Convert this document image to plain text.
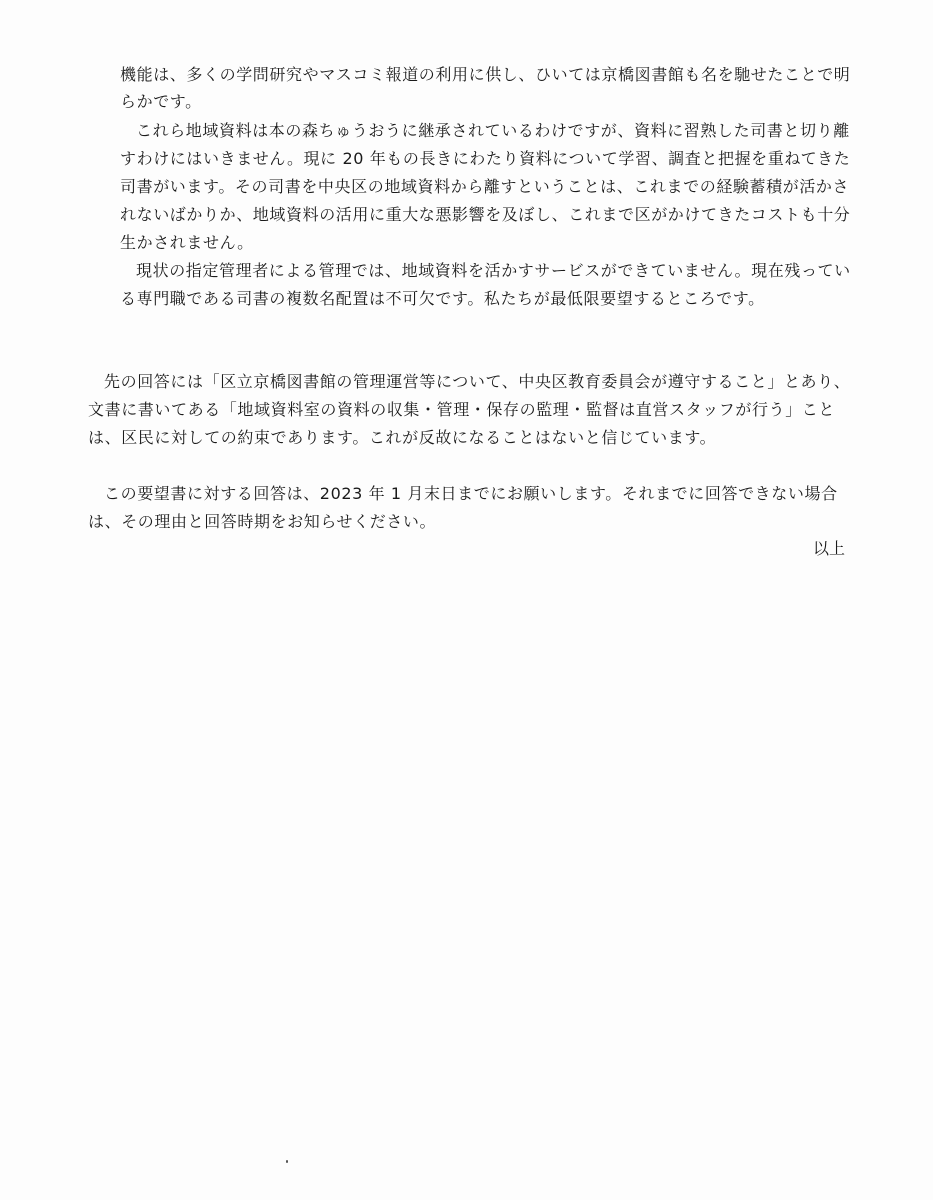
機能は、多くの学問研究やマスコミ報道の利用に供し、ひいては京橋図書館も名を馳せたことで明
らかです。
これら地域資料は本の森ちゅうおうに継承されているわけですが、資料に習熟した司書と切り離
すわけにはいきません。現に 20 年もの長きにわたり資料について学習、調査と把握を重ねてきた
司書がいます。その司書を中央区の地域資料から離すということは、これまでの経験蓄積が活かさ
れないばかりか、地域資料の活用に重大な悪影響を及ぼし、これまで区がかけてきたコストも十分
生かされません。
現状の指定管理者による管理では、地域資料を活かすサービスができていません。現在残ってい
る専門職である司書の複数名配置は不可欠です。私たちが最低限要望するところです。
先の回答には「区立京橋図書館の管理運営等について、中央区教育委員会が遵守すること」とあり、
文書に書いてある「地域資料室の資料の収集・管理・保存の監理・監督は直営スタッフが行う」こと
は、区民に対しての約束であります。これが反故になることはないと信じています。
この要望書に対する回答は、2023 年 1 月末日までにお願いします。それまでに回答できない場合
は、その理由と回答時期をお知らせください。
以上
